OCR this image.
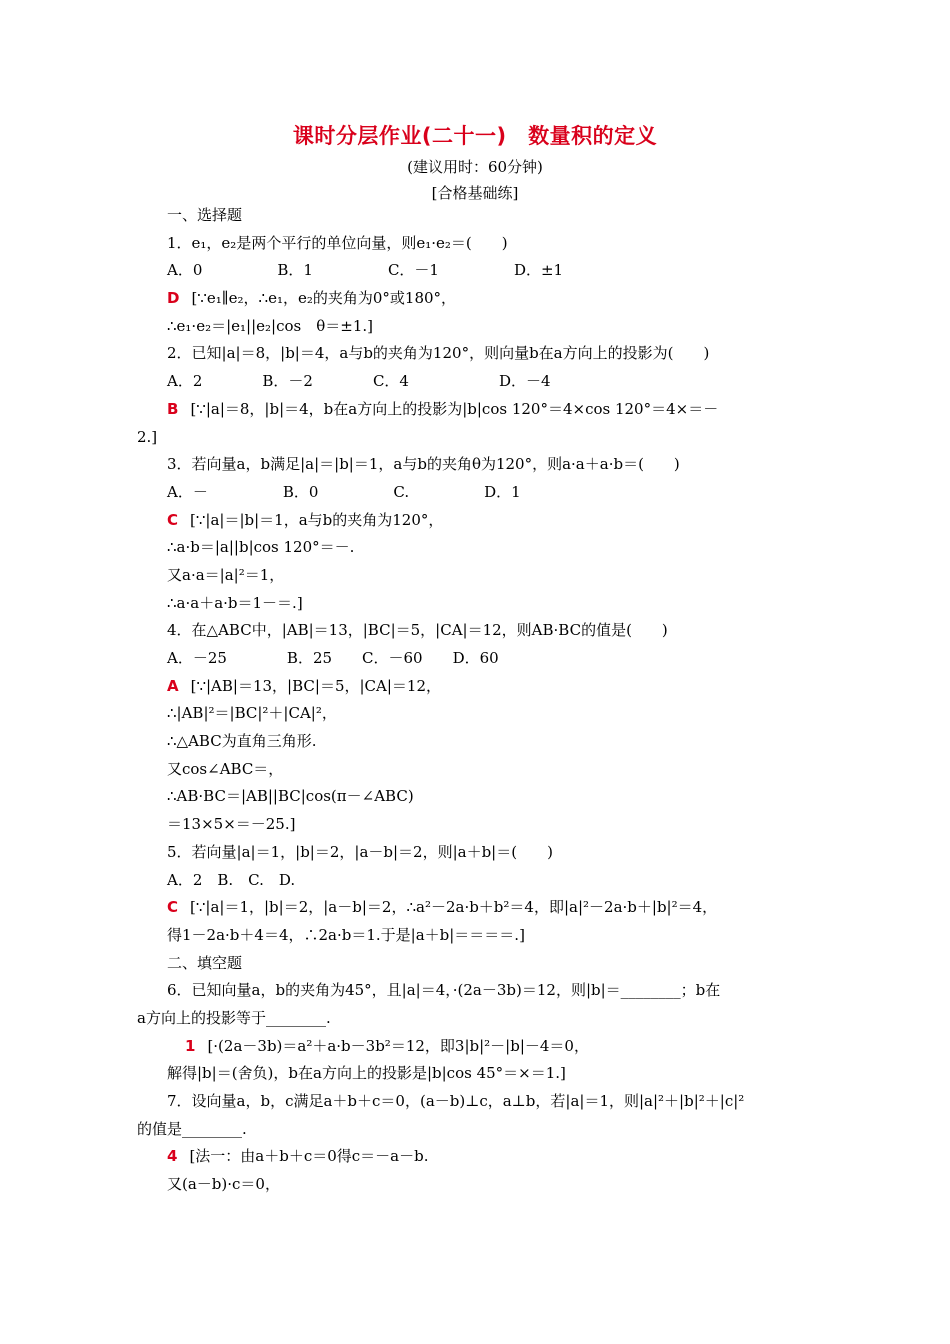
课时分层作业(二十一)　数量积的定义
(建议用时：60分钟)
[合格基础练]
一、选择题
1．e₁，e₂是两个平行的单位向量，则e₁·e₂＝(　　)
A．0　　　　　B．1　　　　　C．－1　　　　　D．±1
D [∵e₁∥e₂，∴e₁，e₂的夹角为0°或180°，
∴e₁·e₂＝|e₁||e₂|cos　θ＝±1.]
2．已知|a|＝8，|b|＝4，a与b的夹角为120°，则向量b在a方向上的投影为(　　)
A．2　　　　B．－2　　　　C．4　　　　　　D．－4
B [∵|a|＝8，|b|＝4，b在a方向上的投影为|b|cos 120°＝4×cos 120°＝4×＝－
2.]
3．若向量a，b满足|a|＝|b|＝1，a与b的夹角θ为120°，则a·a＋a·b＝(　　)
A．－　　　　　B．0　　　　　C.　　　　　D．1
C [∵|a|＝|b|＝1，a与b的夹角为120°，
∴a·b＝|a||b|cos 120°＝－.
又a·a＝|a|²＝1，
∴a·a＋a·b＝1－＝.]
4．在△ABC中，|AB|＝13，|BC|＝5，|CA|＝12，则AB·BC的值是(　　)
A．－25　　　　B．25　　C．－60　　D．60
A [∵|AB|＝13，|BC|＝5，|CA|＝12，
∴|AB|²＝|BC|²＋|CA|²，
∴△ABC为直角三角形.
又cos∠ABC＝，
∴AB·BC＝|AB||BC|cos(π－∠ABC)
＝13×5×＝－25.]
5．若向量|a|＝1，|b|＝2，|a－b|＝2，则|a＋b|＝(　　)
A．2　B.　C.　D.
C [∵|a|＝1，|b|＝2，|a－b|＝2，∴a²－2a·b＋b²＝4，即|a|²－2a·b＋|b|²＝4，
得1－2a·b＋4＝4，∴2a·b＝1.于是|a＋b|＝＝＝＝.]
二、填空题
6．已知向量a，b的夹角为45°，且|a|＝4，·(2a－3b)＝12，则|b|＝________；b在
a方向上的投影等于________.
1 [·(2a－3b)＝a²＋a·b－3b²＝12，即3|b|²－|b|－4＝0，
解得|b|＝(舍负)，b在a方向上的投影是|b|cos 45°＝×＝1.]
7．设向量a，b，c满足a＋b＋c＝0，(a－b)⊥c，a⊥b，若|a|＝1，则|a|²＋|b|²＋|c|²
的值是________.
4 [法一：由a＋b＋c＝0得c＝－a－b.
又(a－b)·c＝0，
